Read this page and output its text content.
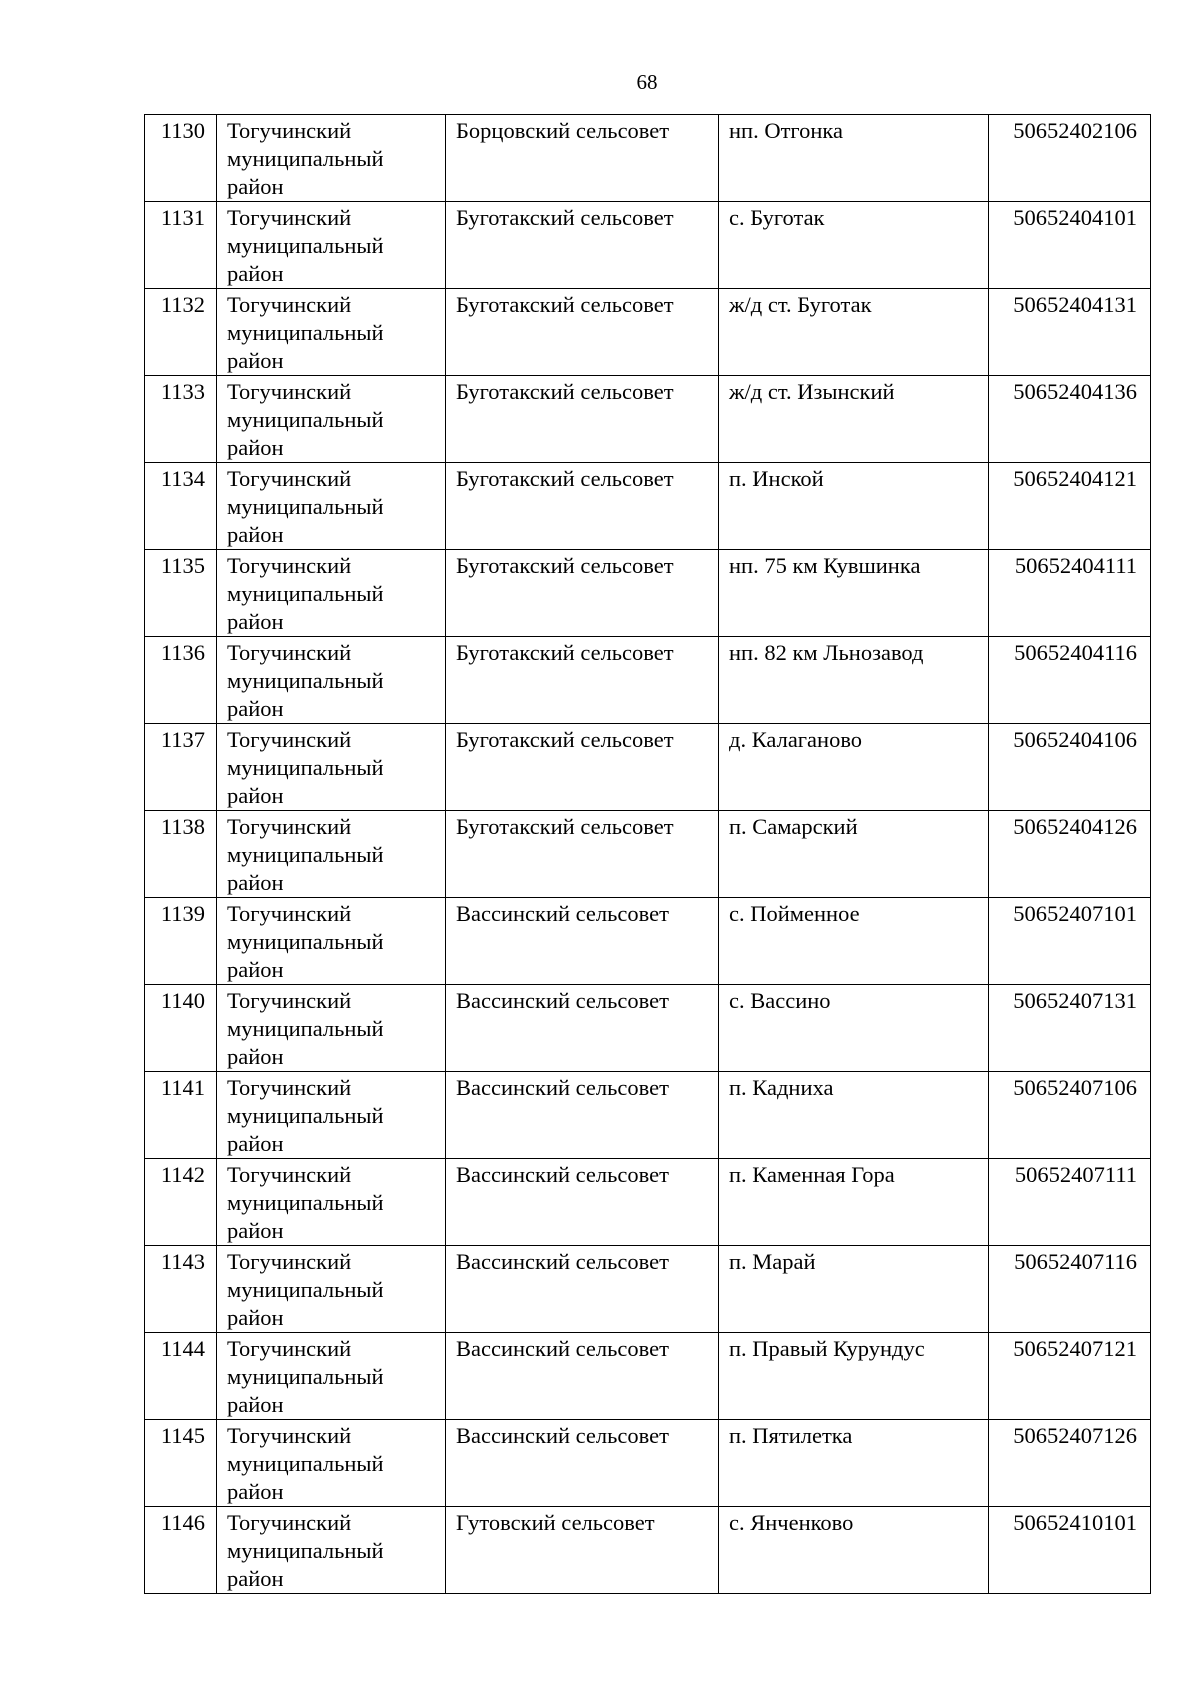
68
1130	Тогучинский муниципальный район	Борцовский сельсовет	нп. Отгонка	50652402106
1131	Тогучинский муниципальный район	Буготакский сельсовет	с. Буготак	50652404101
1132	Тогучинский муниципальный район	Буготакский сельсовет	ж/д ст. Буготак	50652404131
1133	Тогучинский муниципальный район	Буготакский сельсовет	ж/д ст. Изынский	50652404136
1134	Тогучинский муниципальный район	Буготакский сельсовет	п. Инской	50652404121
1135	Тогучинский муниципальный район	Буготакский сельсовет	нп. 75 км Кувшинка	50652404111
1136	Тогучинский муниципальный район	Буготакский сельсовет	нп. 82 км Льнозавод	50652404116
1137	Тогучинский муниципальный район	Буготакский сельсовет	д. Калаганово	50652404106
1138	Тогучинский муниципальный район	Буготакский сельсовет	п. Самарский	50652404126
1139	Тогучинский муниципальный район	Вассинский сельсовет	с. Пойменное	50652407101
1140	Тогучинский муниципальный район	Вассинский сельсовет	с. Вассино	50652407131
1141	Тогучинский муниципальный район	Вассинский сельсовет	п. Кадниха	50652407106
1142	Тогучинский муниципальный район	Вассинский сельсовет	п. Каменная Гора	50652407111
1143	Тогучинский муниципальный район	Вассинский сельсовет	п. Марай	50652407116
1144	Тогучинский муниципальный район	Вассинский сельсовет	п. Правый Курундус	50652407121
1145	Тогучинский муниципальный район	Вассинский сельсовет	п. Пятилетка	50652407126
1146	Тогучинский муниципальный район	Гутовский сельсовет	с. Янченково	50652410101
